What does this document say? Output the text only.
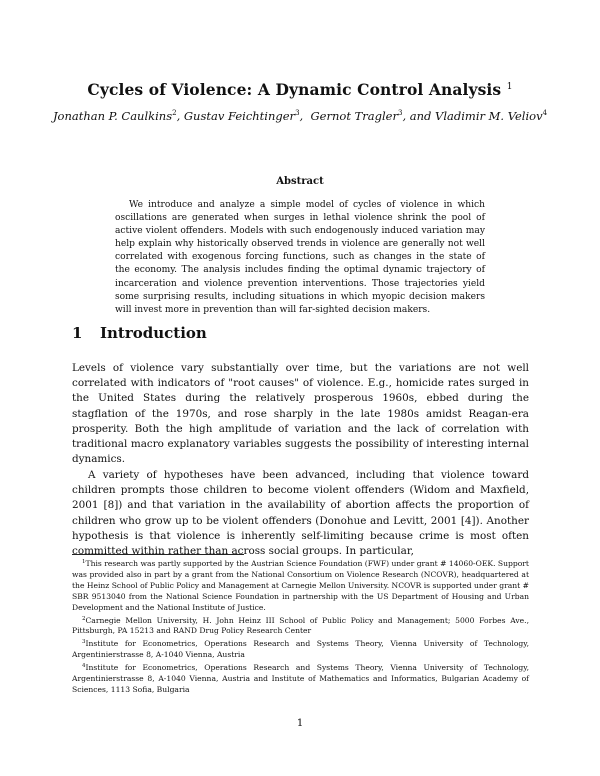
Cycles of Violence: A Dynamic Control Analysis $^1$
Jonathan P. Caulkins$^2$, Gustav Feichtinger$^3$,  Gernot Tragler$^3$, and Vladimir M. Veliov$^4$
Abstract

We introduce and analyze a simple model of cycles of violence in which oscillations are generated when surges in lethal violence shrink the pool of active violent offenders. Models with such endogenously induced variation may help explain why historically observed trends in violence are generally not well correlated with exogenous forcing functions, such as changes in the state of the economy. The analysis includes finding the optimal dynamic trajectory of incarceration and violence prevention interventions. Those trajectories yield some surprising results, including situations in which myopic decision makers will invest more in prevention than will far-sighted decision makers.

1 Introduction

Levels of violence vary substantially over time, but the variations are not well correlated with indicators of "root causes" of violence. E.g., homicide rates surged in the United States during the relatively prosperous 1960s, ebbed during the stagflation of the 1970s, and rose sharply in the late 1980s amidst Reagan-era prosperity. Both the high amplitude of variation and the lack of correlation with traditional macro explanatory variables suggests the possibility of interesting internal dynamics.

A variety of hypotheses have been advanced, including that violence toward children prompts those children to become violent offenders (Widom and Maxfield, 2001 [8]) and that variation in the availability of abortion affects the proportion of children who grow up to be violent offenders (Donohue and Levitt, 2001 [4]). Another hypothesis is that violence is inherently self-limiting because crime is most often committed within rather than across social groups. In particular,

$^1$This research was partly supported by the Austrian Science Foundation (FWF) under grant # 14060-OEK. Support was provided also in part by a grant from the National Consortium on Violence Research (NCOVR), headquartered at the Heinz School of Public Policy and Management at Carnegie Mellon University. NCOVR is supported under grant # SBR 9513040 from the National Science Foundation in partnership with the US Department of Housing and Urban Development and the National Institute of Justice.

$^2$Carnegie Mellon University, H. John Heinz III School of Public Policy and Management; 5000 Forbes Ave., Pittsburgh, PA 15213 and RAND Drug Policy Research Center

$^3$Institute for Econometrics, Operations Research and Systems Theory, Vienna University of Technology, Argentinierstrasse 8, A-1040 Vienna, Austria

$^4$Institute for Econometrics, Operations Research and Systems Theory, Vienna University of Technology, Argentinierstrasse 8, A-1040 Vienna, Austria and Institute of Mathematics and Informatics, Bulgarian Academy of Sciences, 1113 Sofia, Bulgaria

1
